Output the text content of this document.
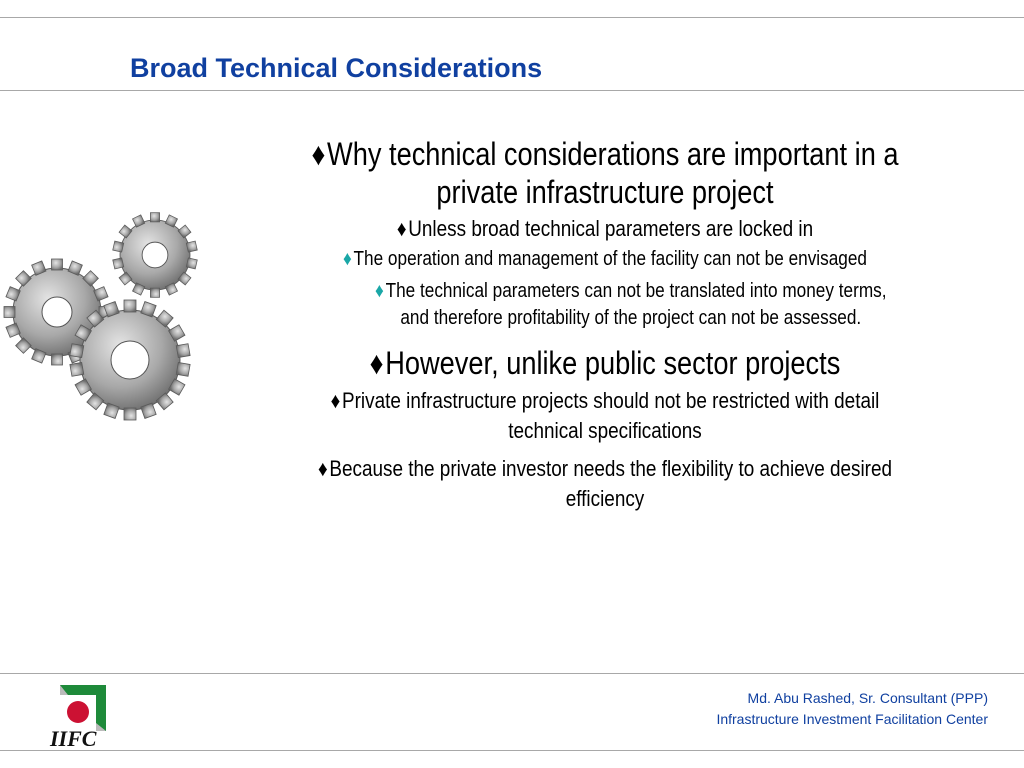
Broad Technical Considerations
♦Why technical considerations are important in a private infrastructure project
♦Unless broad technical parameters are locked in
♦The operation and management of the facility can not be envisaged
♦The technical parameters can not be translated into money terms, and therefore profitability of the project can not be assessed.
♦However, unlike public sector projects
♦Private infrastructure projects should not be restricted with detail technical specifications
♦Because the private investor needs the flexibility to achieve desired efficiency
IIFC
Md. Abu Rashed, Sr. Consultant (PPP)
Infrastructure Investment Facilitation Center
